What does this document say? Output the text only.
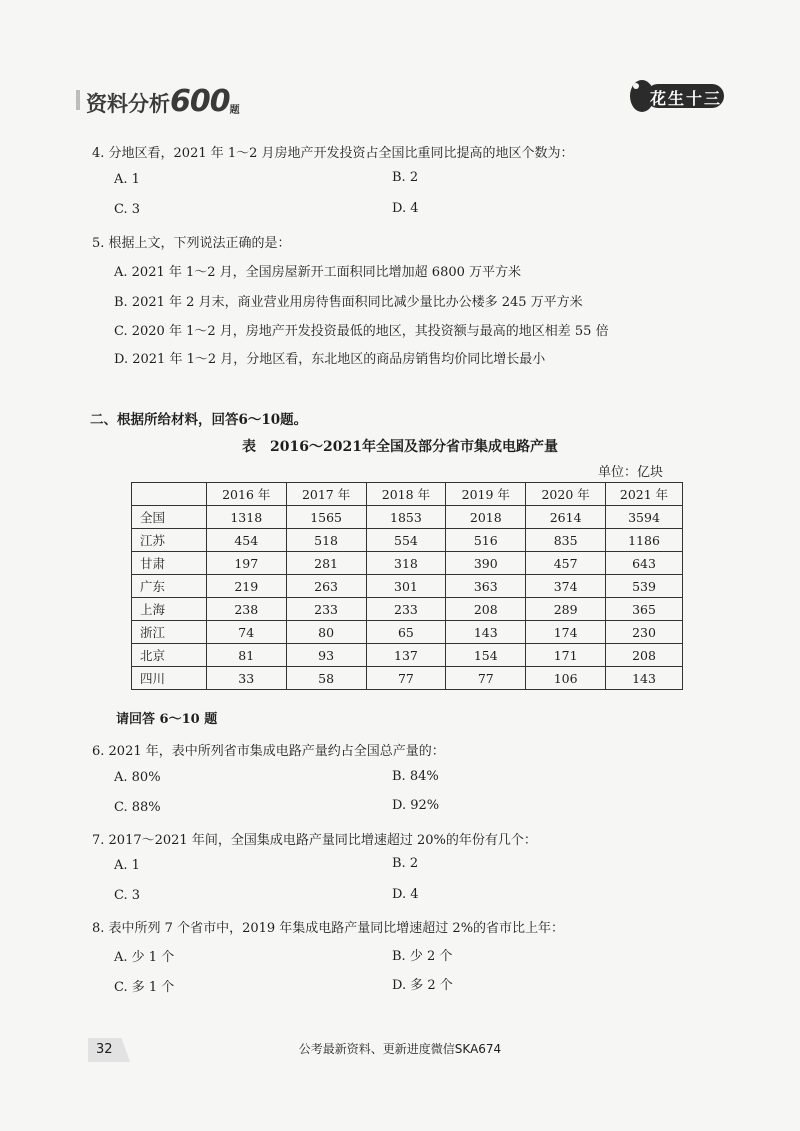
资料分析600题
花生十三
4. 分地区看，2021 年 1～2 月房地产开发投资占全国比重同比提高的地区个数为：
A. 1	B. 2
C. 3	D. 4
5. 根据上文，下列说法正确的是：
A. 2021 年 1～2 月，全国房屋新开工面积同比增加超 6800 万平方米
B. 2021 年 2 月末，商业营业用房待售面积同比减少量比办公楼多 245 万平方米
C. 2020 年 1～2 月，房地产开发投资最低的地区，其投资额与最高的地区相差 55 倍
D. 2021 年 1～2 月，分地区看，东北地区的商品房销售均价同比增长最小
二、根据所给材料，回答6～10题。
表　2016～2021年全国及部分省市集成电路产量
单位：亿块
	2016 年	2017 年	2018 年	2019 年	2020 年	2021 年
全国	1318	1565	1853	2018	2614	3594
江苏	454	518	554	516	835	1186
甘肃	197	281	318	390	457	643
广东	219	263	301	363	374	539
上海	238	233	233	208	289	365
浙江	74	80	65	143	174	230
北京	81	93	137	154	171	208
四川	33	58	77	77	106	143
请回答 6～10 题
6. 2021 年，表中所列省市集成电路产量约占全国总产量的：
A. 80%	B. 84%
C. 88%	D. 92%
7. 2017～2021 年间，全国集成电路产量同比增速超过 20%的年份有几个：
A. 1	B. 2
C. 3	D. 4
8. 表中所列 7 个省市中，2019 年集成电路产量同比增速超过 2%的省市比上年：
A. 少 1 个	B. 少 2 个
C. 多 1 个	D. 多 2 个
32	公考最新资料、更新进度微信SKA674
